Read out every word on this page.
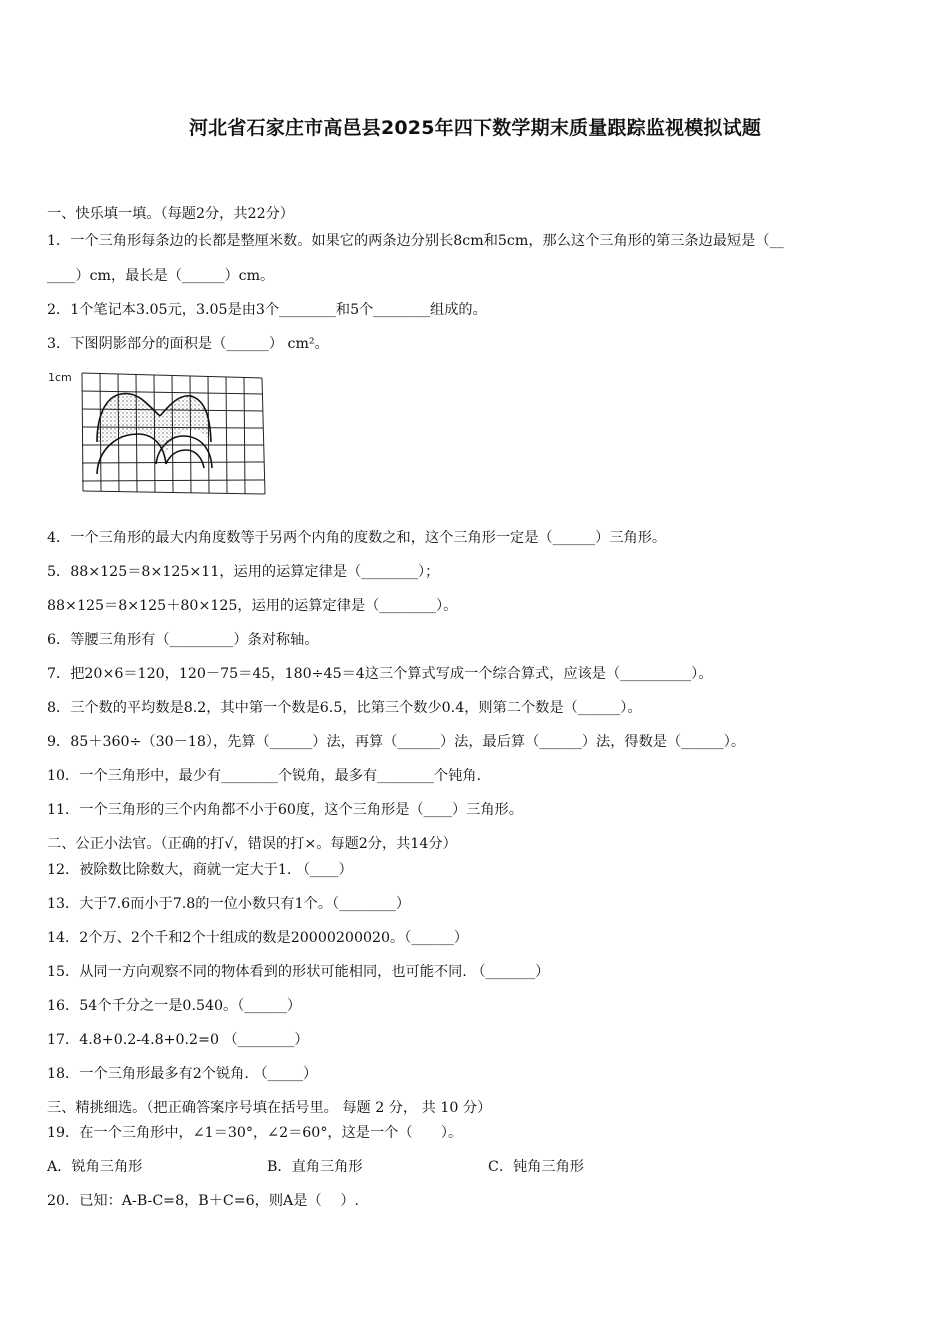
河北省石家庄市高邑县2025年四下数学期末质量跟踪监视模拟试题
一、快乐填一填。（每题2分，共22分）
1．一个三角形每条边的长都是整厘米数。如果它的两条边分别长8cm和5cm，那么这个三角形的第三条边最短是（__
____）cm，最长是（______）cm。
2．1个笔记本3.05元，3.05是由3个________和5个________组成的。
3．下图阴影部分的面积是（______） cm²。
1cm
4．一个三角形的最大内角度数等于另两个内角的度数之和，这个三角形一定是（______）三角形。
5．88×125＝8×125×11，运用的运算定律是（________）；
88×125＝8×125＋80×125，运用的运算定律是（________）。
6．等腰三角形有（_________）条对称轴。
7．把20×6＝120，120－75＝45，180÷45＝4这三个算式写成一个综合算式，应该是（__________）。
8．三个数的平均数是8.2，其中第一个数是6.5，比第三个数少0.4，则第二个数是（______）。
9．85＋360÷（30－18），先算（______）法，再算（______）法，最后算（______）法，得数是（______）。
10．一个三角形中，最少有________个锐角，最多有________个钝角.
11．一个三角形的三个内角都不小于60度，这个三角形是（____）三角形。
二、公正小法官。（正确的打√，错误的打×。每题2分，共14分）
12．被除数比除数大，商就一定大于1. （____）
13．大于7.6而小于7.8的一位小数只有1个。（________）
14．2个万、2个千和2个十组成的数是20000200020。（______）
15．从同一方向观察不同的物体看到的形状可能相同，也可能不同. （_______）
16．54个千分之一是0.540。（______）
17．4.8+0.2-4.8+0.2=0 （________）
18．一个三角形最多有2个锐角. （_____）
三、精挑细选。（把正确答案序号填在括号里。 每题 2 分， 共 10 分）
19．在一个三角形中，∠1＝30°，∠2＝60°，这是一个（　　）。
A．锐角三角形	B．直角三角形	C．钝角三角形
20．已知：A-B-C=8，B＋C=6，则A是（　 ）.
